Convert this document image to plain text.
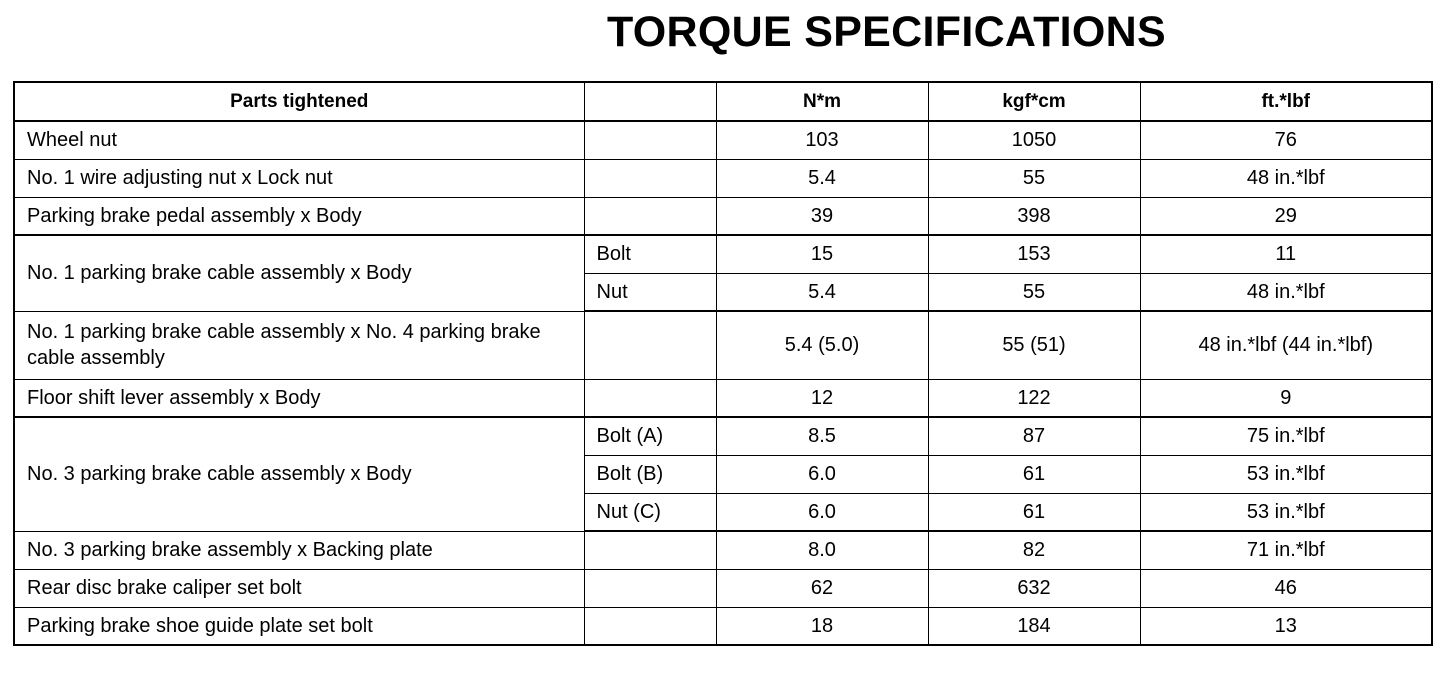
TORQUE SPECIFICATIONS
Parts tightened		N*m	kgf*cm	ft.*lbf
Wheel nut		103	1050	76
No. 1 wire adjusting nut x Lock nut		5.4	55	48 in.*lbf
Parking brake pedal assembly x Body		39	398	29
No. 1 parking brake cable assembly x Body	Bolt	15	153	11
	Nut	5.4	55	48 in.*lbf
No. 1 parking brake cable assembly x No. 4 parking brake cable assembly		5.4 (5.0)	55 (51)	48 in.*lbf (44 in.*lbf)
Floor shift lever assembly x Body		12	122	9
No. 3 parking brake cable assembly x Body	Bolt (A)	8.5	87	75 in.*lbf
	Bolt (B)	6.0	61	53 in.*lbf
	Nut (C)	6.0	61	53 in.*lbf
No. 3 parking brake assembly x Backing plate		8.0	82	71 in.*lbf
Rear disc brake caliper set bolt		62	632	46
Parking brake shoe guide plate set bolt		18	184	13
